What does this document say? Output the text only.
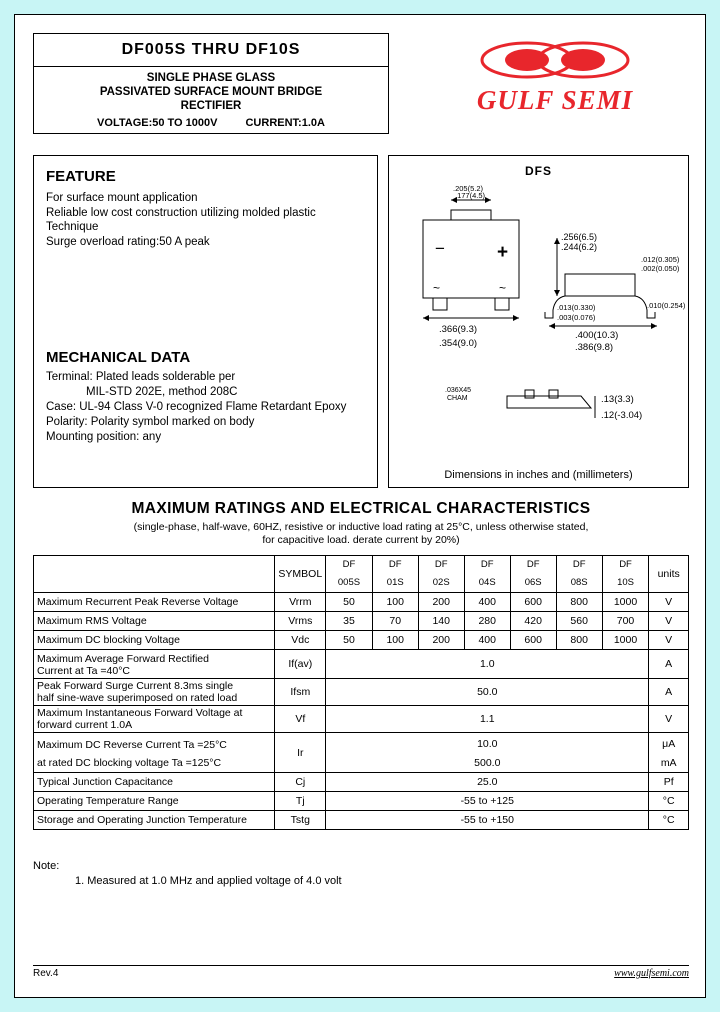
DF005S THRU DF10S
SINGLE PHASE GLASS
PASSIVATED SURFACE MOUNT BRIDGE
RECTIFIER
VOLTAGE:50 TO 1000V	CURRENT:1.0A
GULF SEMI
FEATURE

For surface mount application

Reliable low cost construction utilizing molded plastic

Technique

Surge overload rating:50 A peak

MECHANICAL DATA

Terminal: Plated leads solderable per

MIL-STD 202E, method 208C

Case: UL-94 Class V-0 recognized Flame Retardant Epoxy

Polarity: Polarity symbol marked on body

Mounting position: any

DFS
−	+
~	~
.205(5.2)
.177(4.5)
.256(6.5)
.244(6.2)
.012(0.305)
.002(0.050)
.013(0.330)
.003(0.076)
.010(0.254)
.366(9.3)
.354(9.0)
.400(10.3)
.386(9.8)
.13(3.3)
.12(-3.04)
.036X45
CHAM
Dimensions in inches and (millimeters)
MAXIMUM RATINGS AND ELECTRICAL CHARACTERISTICS
(single-phase, half-wave, 60HZ, resistive or inductive load rating at 25°C, unless otherwise stated,
for capacitive load. derate current by 20%)
	SYMBOL	DF	DF	DF	DF	DF	DF	DF	units
		005S	01S	02S	04S	06S	08S	10S	
Maximum Recurrent Peak Reverse Voltage	Vrrm	50	100	200	400	600	800	1000	V
Maximum RMS Voltage	Vrms	35	70	140	280	420	560	700	V
Maximum DC blocking Voltage	Vdc	50	100	200	400	600	800	1000	V
Maximum Average Forward Rectified
Current at Ta =40°C	If(av)	1.0							A
Peak Forward Surge Current 8.3ms single
half sine-wave superimposed on rated load	Ifsm	50.0							A
Maximum Instantaneous Forward Voltage at
forward current 1.0A	Vf	1.1							V
Maximum DC Reverse Current Ta =25°C	Ir	10.0							μA
at rated DC blocking voltage Ta =125°C		500.0							mA
Typical Junction Capacitance	Cj	25.0							Pf
Operating Temperature Range	Tj	-55 to +125							°C
Storage and Operating Junction Temperature	Tstg	-55 to +150							°C
Note:
1. Measured at 1.0 MHz and applied voltage of 4.0 volt
Rev.4	www.gulfsemi.com
